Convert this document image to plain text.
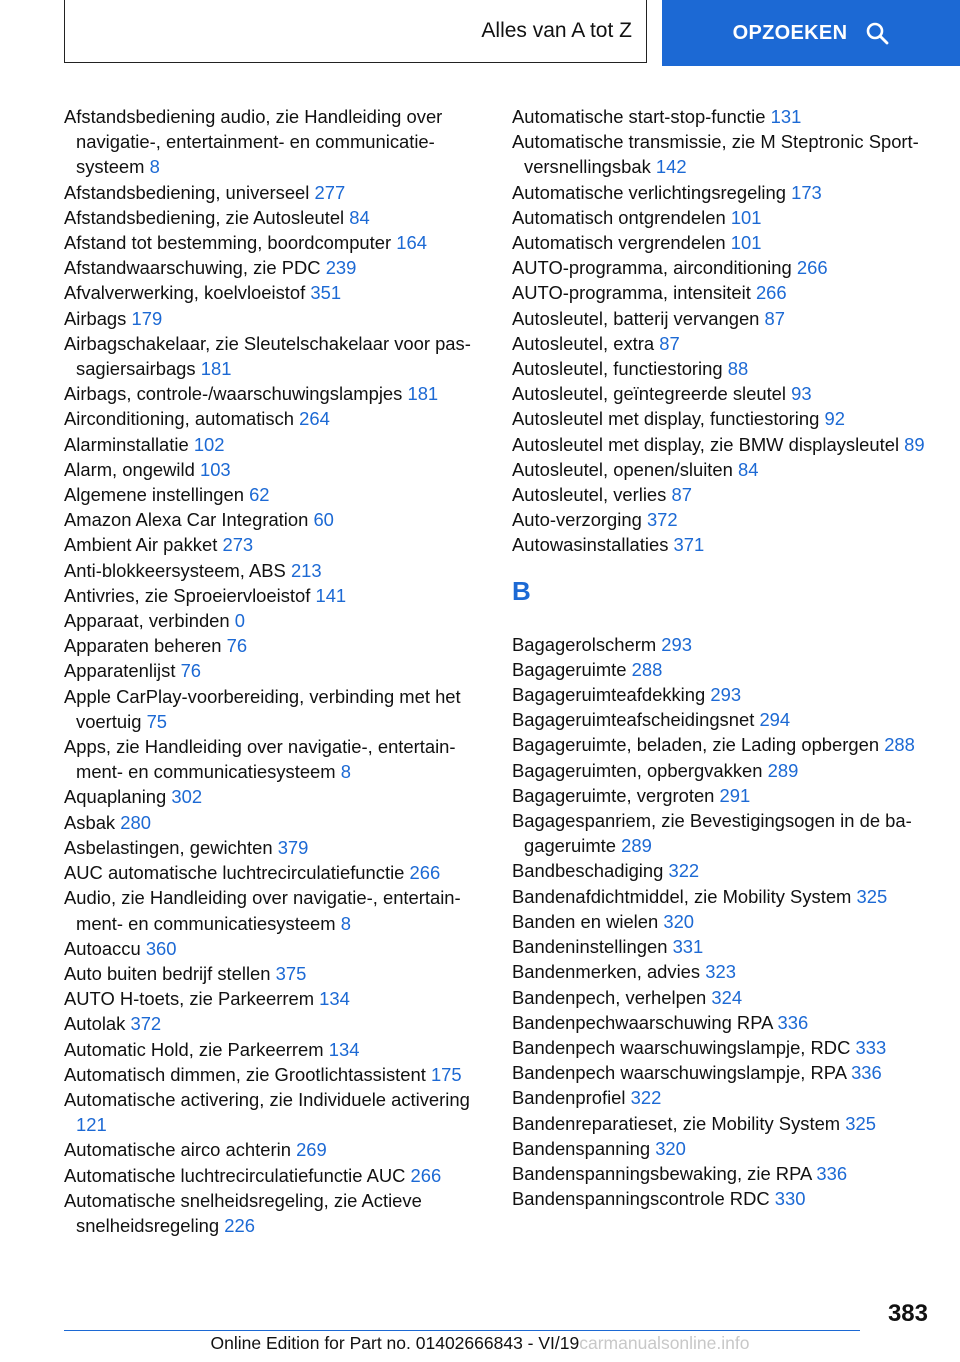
Alles van A tot Z	OPZOEKEN
Afstandsbediening audio, zie Handleiding over navigatie-, entertainment- en communicatiesysteem 8
Afstandsbediening, universeel 277
Afstandsbediening, zie Autosleutel 84
Afstand tot bestemming, boordcomputer 164
Afstandwaarschuwing, zie PDC 239
Afvalverwerking, koelvloeistof 351
Airbags 179
Airbagschakelaar, zie Sleutelschakelaar voor passagiersairbags 181
Airbags, controle-/waarschuwingslampjes 181
Airconditioning, automatisch 264
Alarminstallatie 102
Alarm, ongewild 103
Algemene instellingen 62
Amazon Alexa Car Integration 60
Ambient Air pakket 273
Anti-blokkeersysteem, ABS 213
Antivries, zie Sproeiervloeistof 141
Apparaat, verbinden 0
Apparaten beheren 76
Apparatenlijst 76
Apple CarPlay-voorbereiding, verbinding met het voertuig 75
Apps, zie Handleiding over navigatie-, entertainment- en communicatiesysteem 8
Aquaplaning 302
Asbak 280
Asbelastingen, gewichten 379
AUC automatische luchtrecirculatiefunctie 266
Audio, zie Handleiding over navigatie-, entertainment- en communicatiesysteem 8
Autoaccu 360
Auto buiten bedrijf stellen 375
AUTO H-toets, zie Parkeerrem 134
Autolak 372
Automatic Hold, zie Parkeerrem 134
Automatisch dimmen, zie Grootlichtassistent 175
Automatische activering, zie Individuele activering 121
Automatische airco achterin 269
Automatische luchtrecirculatiefunctie AUC 266
Automatische snelheidsregeling, zie Actieve snelheidsregeling 226
Automatische start-stop-functie 131
Automatische transmissie, zie M Steptronic Sport-versnellingsbak 142
Automatische verlichtingsregeling 173
Automatisch ontgrendelen 101
Automatisch vergrendelen 101
AUTO-programma, airconditioning 266
AUTO-programma, intensiteit 266
Autosleutel, batterij vervangen 87
Autosleutel, extra 87
Autosleutel, functiestoring 88
Autosleutel, geïntegreerde sleutel 93
Autosleutel met display, functiestoring 92
Autosleutel met display, zie BMW displaysleutel 89
Autosleutel, openen/sluiten 84
Autosleutel, verlies 87
Auto-verzorging 372
Autowasinstallaties 371
B
Bagagerolscherm 293
Bagageruimte 288
Bagageruimteafdekking 293
Bagageruimteafscheidingsnet 294
Bagageruimte, beladen, zie Lading opbergen 288
Bagageruimten, opbergvakken 289
Bagageruimte, vergroten 291
Bagagespanriem, zie Bevestigingsogen in de bagageruimte 289
Bandbeschadiging 322
Bandenafdichtmiddel, zie Mobility System 325
Banden en wielen 320
Bandeninstellingen 331
Bandenmerken, advies 323
Bandenpech, verhelpen 324
Bandenpechwaarschuwing RPA 336
Bandenpech waarschuwingslampje, RDC 333
Bandenpech waarschuwingslampje, RPA 336
Bandenprofiel 322
Bandenreparatieset, zie Mobility System 325
Bandenspanning 320
Bandenspanningsbewaking, zie RPA 336
Bandenspanningscontrole RDC 330
383
Online Edition for Part no. 01402666843 - VI/19carmanualsonline.info
